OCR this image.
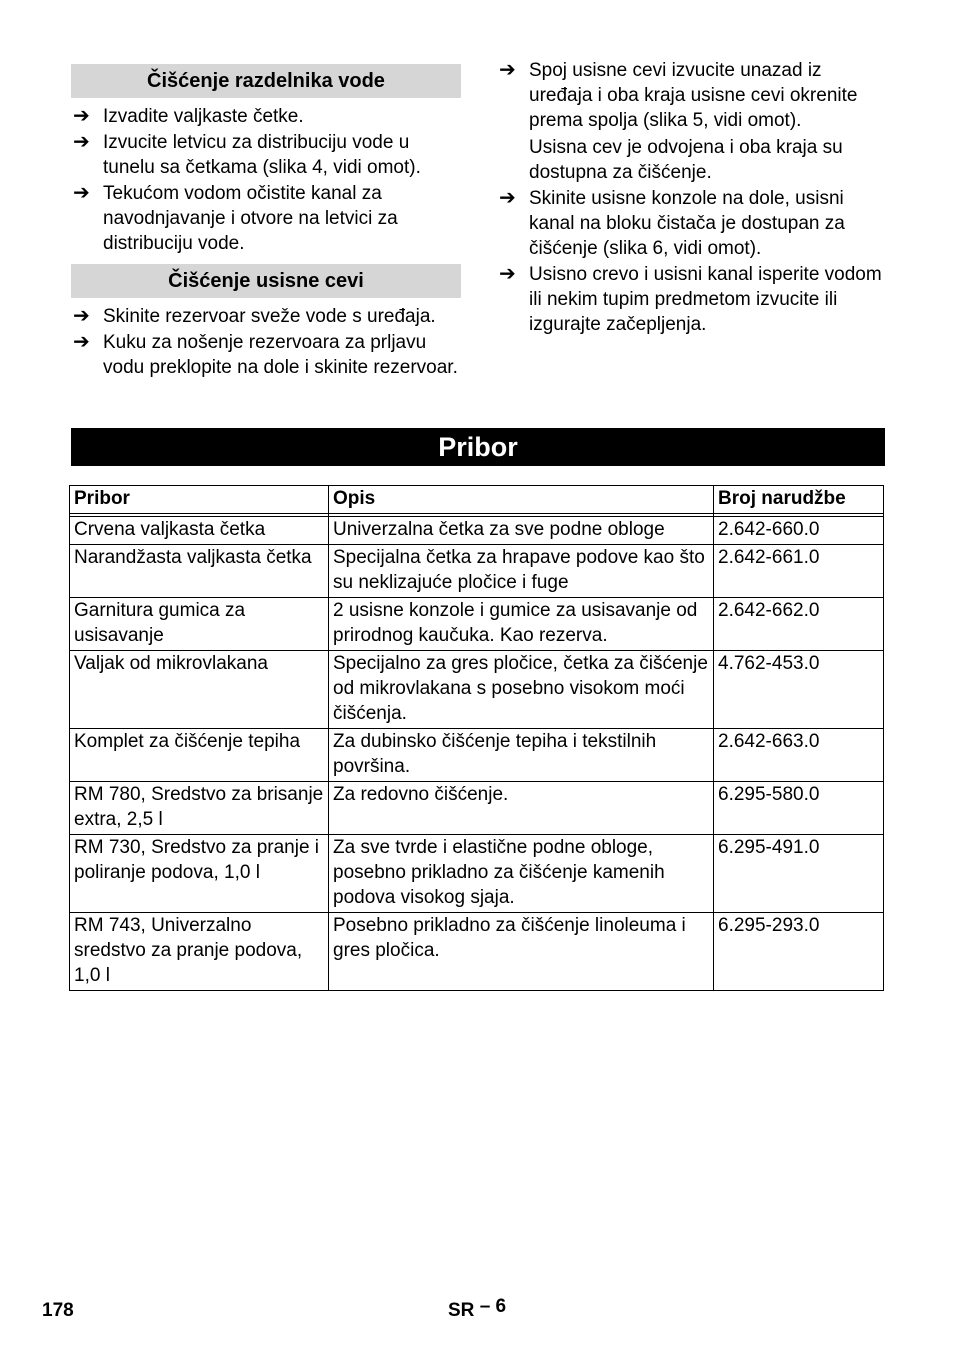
Čišćenje razdelnika vode
➔ Izvadite valjkaste četke.
➔ Izvucite letvicu za distribuciju vode u tunelu sa četkama (slika 4, vidi omot).
➔ Tekućom vodom očistite kanal za navodnjavanje i otvore na letvici za distribuciju vode.
Čišćenje usisne cevi
➔ Skinite rezervoar sveže vode s uređaja.
➔ Kuku za nošenje rezervoara za prljavu vodu preklopite na dole i skinite rezervoar.
➔ Spoj usisne cevi izvucite unazad iz uređaja i oba kraja usisne cevi okrenite prema spolja (slika 5, vidi omot).
Usisna cev je odvojena i oba kraja su dostupna za čišćenje.
➔ Skinite usisne konzole na dole, usisni kanal na bloku čistača je dostupan za čišćenje (slika 6, vidi omot).
➔ Usisno crevo i usisni kanal isperite vodom ili nekim tupim predmetom izvucite ili izgurajte začepljenja.
Pribor
Pribor	Opis	Broj narudžbe

Crvena valjkasta četka	Univerzalna četka za sve podne obloge	2.642-660.0
Narandžasta valjkasta četka	Specijalna četka za hrapave podove kao što su neklizajuće pločice i fuge	2.642-661.0
Garnitura gumica za usisavanje	2 usisne konzole i gumice za usisavanje od prirodnog kaučuka. Kao rezerva.	2.642-662.0
Valjak od mikrovlakana	Specijalno za gres pločice, četka za čišćenje od mikrovlakana s posebno visokom moći čišćenja.	4.762-453.0
Komplet za čišćenje tepiha	Za dubinsko čišćenje tepiha i tekstilnih površina.	2.642-663.0
RM 780, Sredstvo za brisanje extra, 2,5 l	Za redovno čišćenje.	6.295-580.0
RM 730, Sredstvo za pranje i poliranje podova, 1,0 l	Za sve tvrde i elastične podne obloge, posebno prikladno za čišćenje kamenih podova visokog sjaja.	6.295-491.0
RM 743, Univerzalno sredstvo za pranje podova, 1,0 l	Posebno prikladno za čišćenje linoleuma i gres pločica.	6.295-293.0
178	SR $^{- 6}$
